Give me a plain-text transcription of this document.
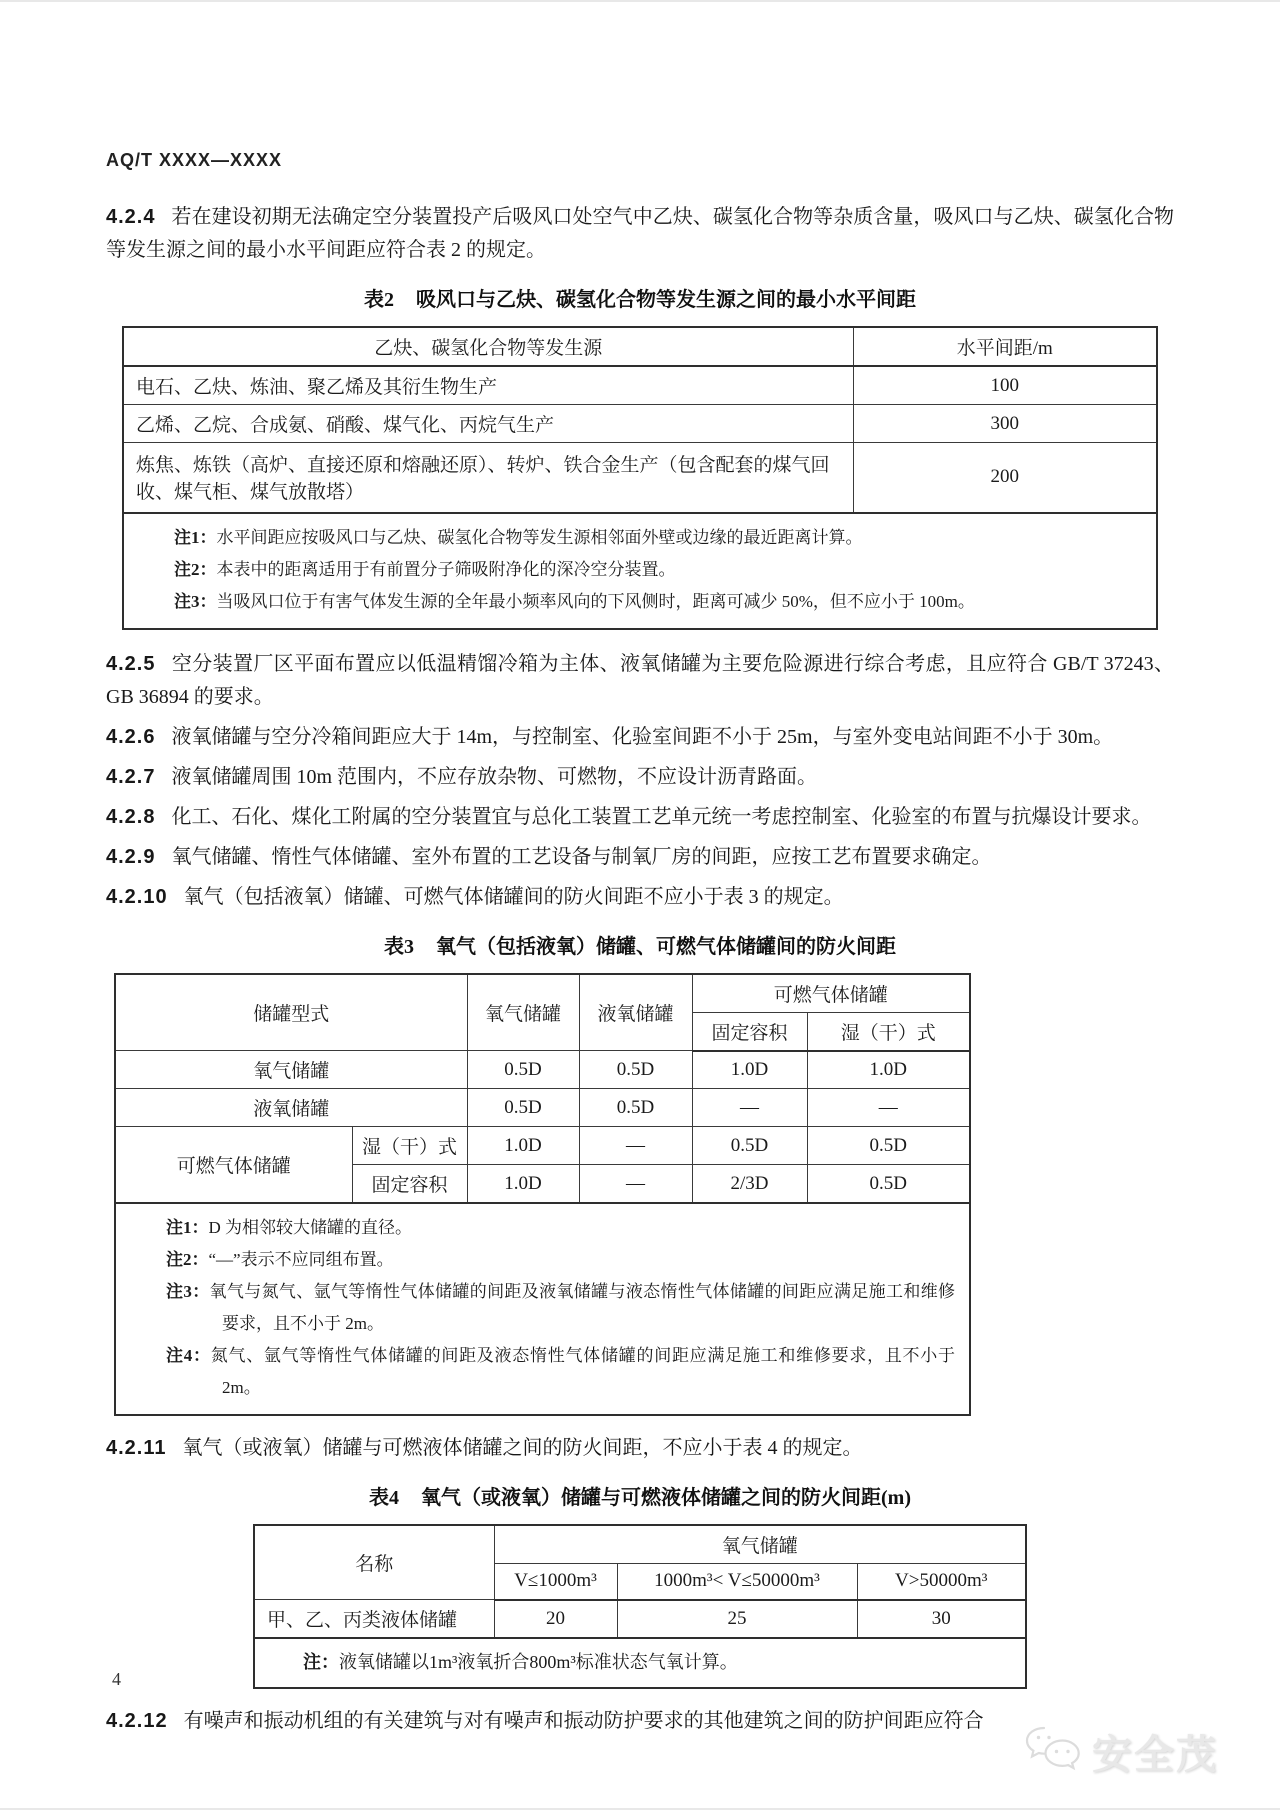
AQ/T XXXX—XXXX

4.2.4 若在建设初期无法确定空分装置投产后吸风口处空气中乙炔、碳氢化合物等杂质含量，吸风口与乙炔、碳氢化合物等发生源之间的最小水平间距应符合表 2 的规定。

表2 吸风口与乙炔、碳氢化合物等发生源之间的最小水平间距
乙炔、碳氢化合物等发生源	水平间距/m
电石、乙炔、炼油、聚乙烯及其衍生物生产	100
乙烯、乙烷、合成氨、硝酸、煤气化、丙烷气生产	300
炼焦、炼铁（高炉、直接还原和熔融还原）、转炉、铁合金生产（包含配套的煤气回收、煤气柜、煤气放散塔）	200

注1：水平间距应按吸风口与乙炔、碳氢化合物等发生源相邻面外壁或边缘的最近距离计算。
注2：本表中的距离适用于有前置分子筛吸附净化的深冷空分装置。
注3：当吸风口位于有害气体发生源的全年最小频率风向的下风侧时，距离可减少 50%，但不应小于 100m。	

4.2.5 空分装置厂区平面布置应以低温精馏冷箱为主体、液氧储罐为主要危险源进行综合考虑，且应符合 GB/T 37243、GB 36894 的要求。

4.2.6 液氧储罐与空分冷箱间距应大于 14m，与控制室、化验室间距不小于 25m，与室外变电站间距不小于 30m。

4.2.7 液氧储罐周围 10m 范围内，不应存放杂物、可燃物，不应设计沥青路面。

4.2.8 化工、石化、煤化工附属的空分装置宜与总化工装置工艺单元统一考虑控制室、化验室的布置与抗爆设计要求。

4.2.9 氧气储罐、惰性气体储罐、室外布置的工艺设备与制氧厂房的间距，应按工艺布置要求确定。

4.2.10 氧气（包括液氧）储罐、可燃气体储罐间的防火间距不应小于表 3 的规定。

表3 氧气（包括液氧）储罐、可燃气体储罐间的防火间距
储罐型式		氧气储罐	液氧储罐	可燃气体储罐	
				固定容积	湿（干）式
氧气储罐		0.5D	0.5D	1.0D	1.0D
液氧储罐		0.5D	0.5D	—	—
可燃气体储罐	湿（干）式	1.0D	—	0.5D	0.5D
	固定容积	1.0D	—	2/3D	0.5D

注1：D 为相邻较大储罐的直径。
注2：“—”表示不应同组布置。
注3：氧气与氮气、氩气等惰性气体储罐的间距及液氧储罐与液态惰性气体储罐的间距应满足施工和维修要求，且不小于 2m。
注4：氮气、氩气等惰性气体储罐的间距及液态惰性气体储罐的间距应满足施工和维修要求，且不小于 2m。					

4.2.11 氧气（或液氧）储罐与可燃液体储罐之间的防火间距，不应小于表 4 的规定。

表4 氧气（或液氧）储罐与可燃液体储罐之间的防火间距(m)
名称	氧气储罐		
	V≤1000m³	1000m³< V≤50000m³	V>50000m³
甲、乙、丙类液体储罐	20	25	30

注：液氧储罐以1m³液氧折合800m³标准状态气氧计算。			

4.2.12 有噪声和振动机组的有关建筑与对有噪声和振动防护要求的其他建筑之间的防护间距应符合

4
安全茂
